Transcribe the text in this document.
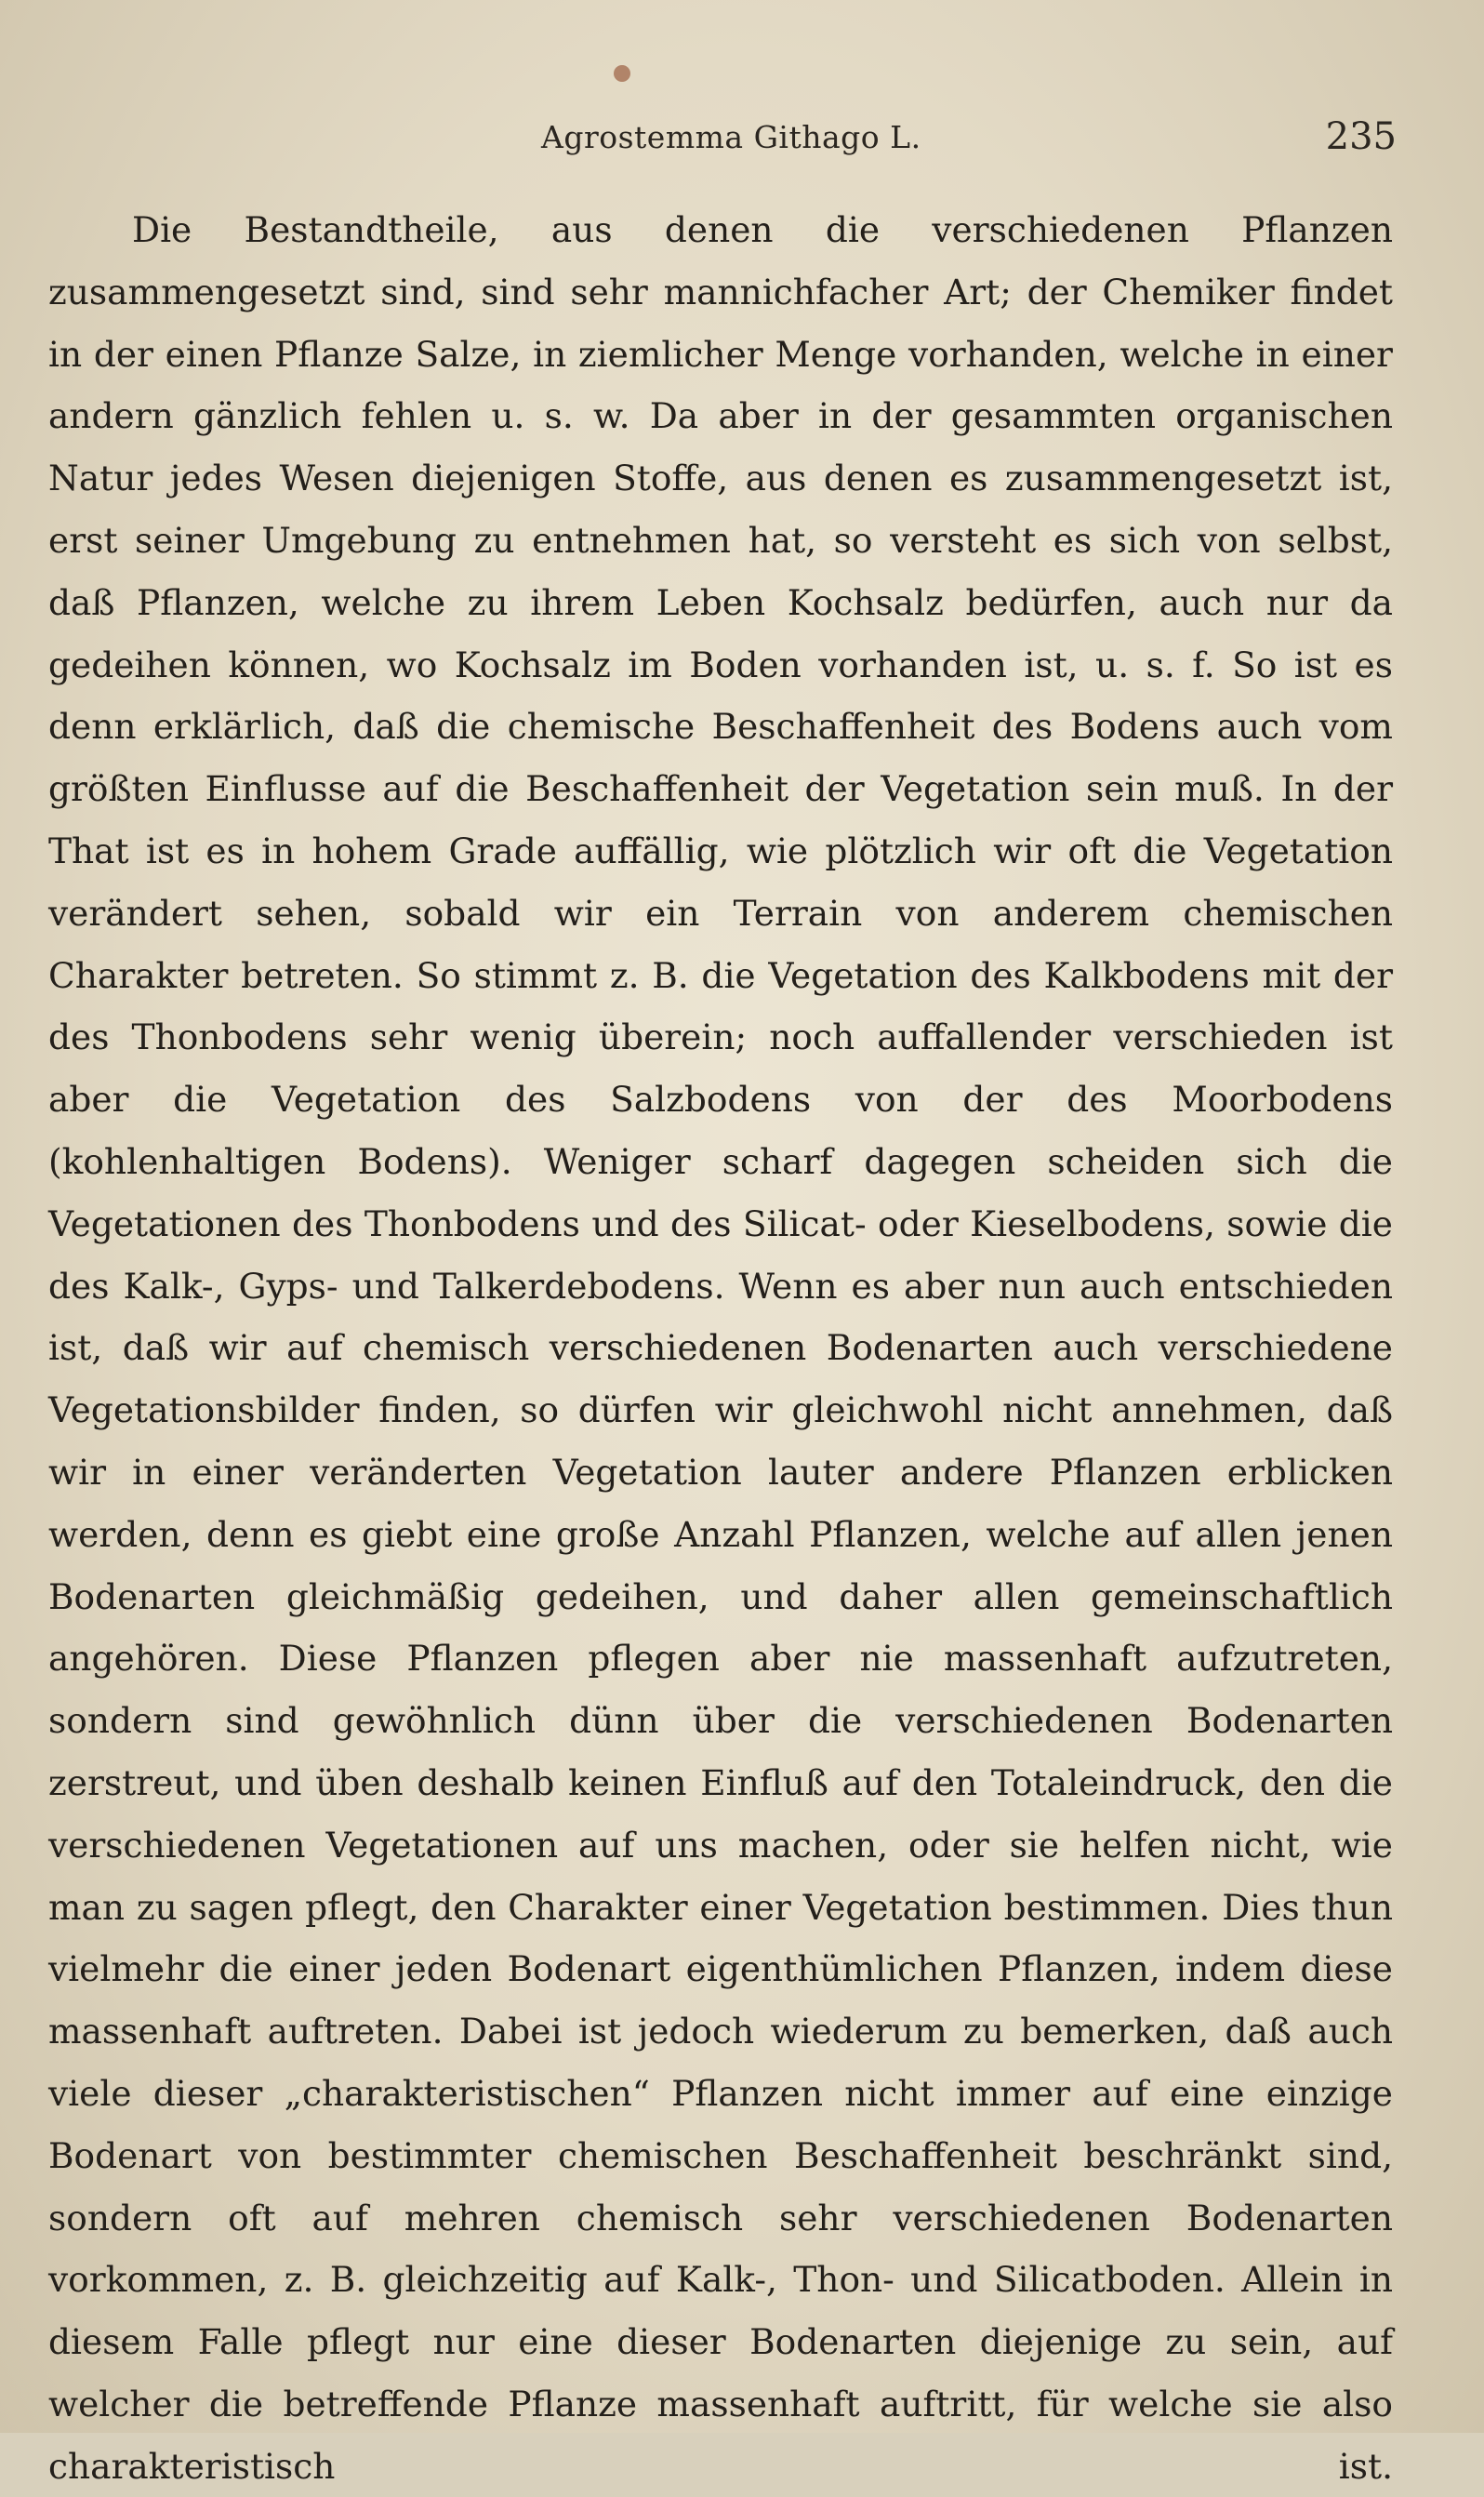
Agrostemma Githago L.	235

Die Bestandtheile, aus denen die verschiedenen Pflanzen zusammengesetzt sind, sind sehr mannichfacher Art; der Chemiker findet in der einen Pflanze Salze, in ziemlicher Menge vorhanden, welche in einer andern gänzlich fehlen u. s. w. Da aber in der gesammten organischen Natur jedes Wesen diejenigen Stoffe, aus denen es zusammengesetzt ist, erst seiner Umgebung zu entnehmen hat, so versteht es sich von selbst, daß Pflanzen, welche zu ihrem Leben Kochsalz bedürfen, auch nur da gedeihen können, wo Kochsalz im Boden vorhanden ist, u. s. f. So ist es denn erklärlich, daß die chemische Beschaffenheit des Bodens auch vom größten Einflusse auf die Beschaffenheit der Vegetation sein muß. In der That ist es in hohem Grade auffällig, wie plötzlich wir oft die Vegetation verändert sehen, sobald wir ein Terrain von anderem chemischen Charakter betreten. So stimmt z. B. die Vegetation des Kalkbodens mit der des Thonbodens sehr wenig überein; noch auffallender verschieden ist aber die Vegetation des Salzbodens von der des Moorbodens (kohlenhaltigen Bodens). Weniger scharf dagegen scheiden sich die Vegetationen des Thonbodens und des Silicat- oder Kieselbodens, sowie die des Kalk-, Gyps- und Talkerdebodens. Wenn es aber nun auch entschieden ist, daß wir auf chemisch verschiedenen Bodenarten auch verschiedene Vegetationsbilder finden, so dürfen wir gleichwohl nicht annehmen, daß wir in einer veränderten Vegetation lauter andere Pflanzen erblicken werden, denn es giebt eine große Anzahl Pflanzen, welche auf allen jenen Bodenarten gleichmäßig gedeihen, und daher allen gemeinschaftlich angehören. Diese Pflanzen pflegen aber nie massenhaft aufzutreten, sondern sind gewöhnlich dünn über die verschiedenen Bodenarten zerstreut, und üben deshalb keinen Einfluß auf den Totaleindruck, den die verschiedenen Vegetationen auf uns machen, oder sie helfen nicht, wie man zu sagen pflegt, den Charakter einer Vegetation bestimmen. Dies thun vielmehr die einer jeden Bodenart eigenthümlichen Pflanzen, indem diese massenhaft auftreten. Dabei ist jedoch wiederum zu bemerken, daß auch viele dieser „charakteristischen“ Pflanzen nicht immer auf eine einzige Bodenart von bestimmter chemischen Beschaffenheit beschränkt sind, sondern oft auf mehren chemisch sehr verschiedenen Bodenarten vorkommen, z. B. gleichzeitig auf Kalk-, Thon- und Silicatboden. Allein in diesem Falle pflegt nur eine dieser Bodenarten diejenige zu sein, auf welcher die betreffende Pflanze massenhaft auftritt, für welche sie also charakteristisch ist.
